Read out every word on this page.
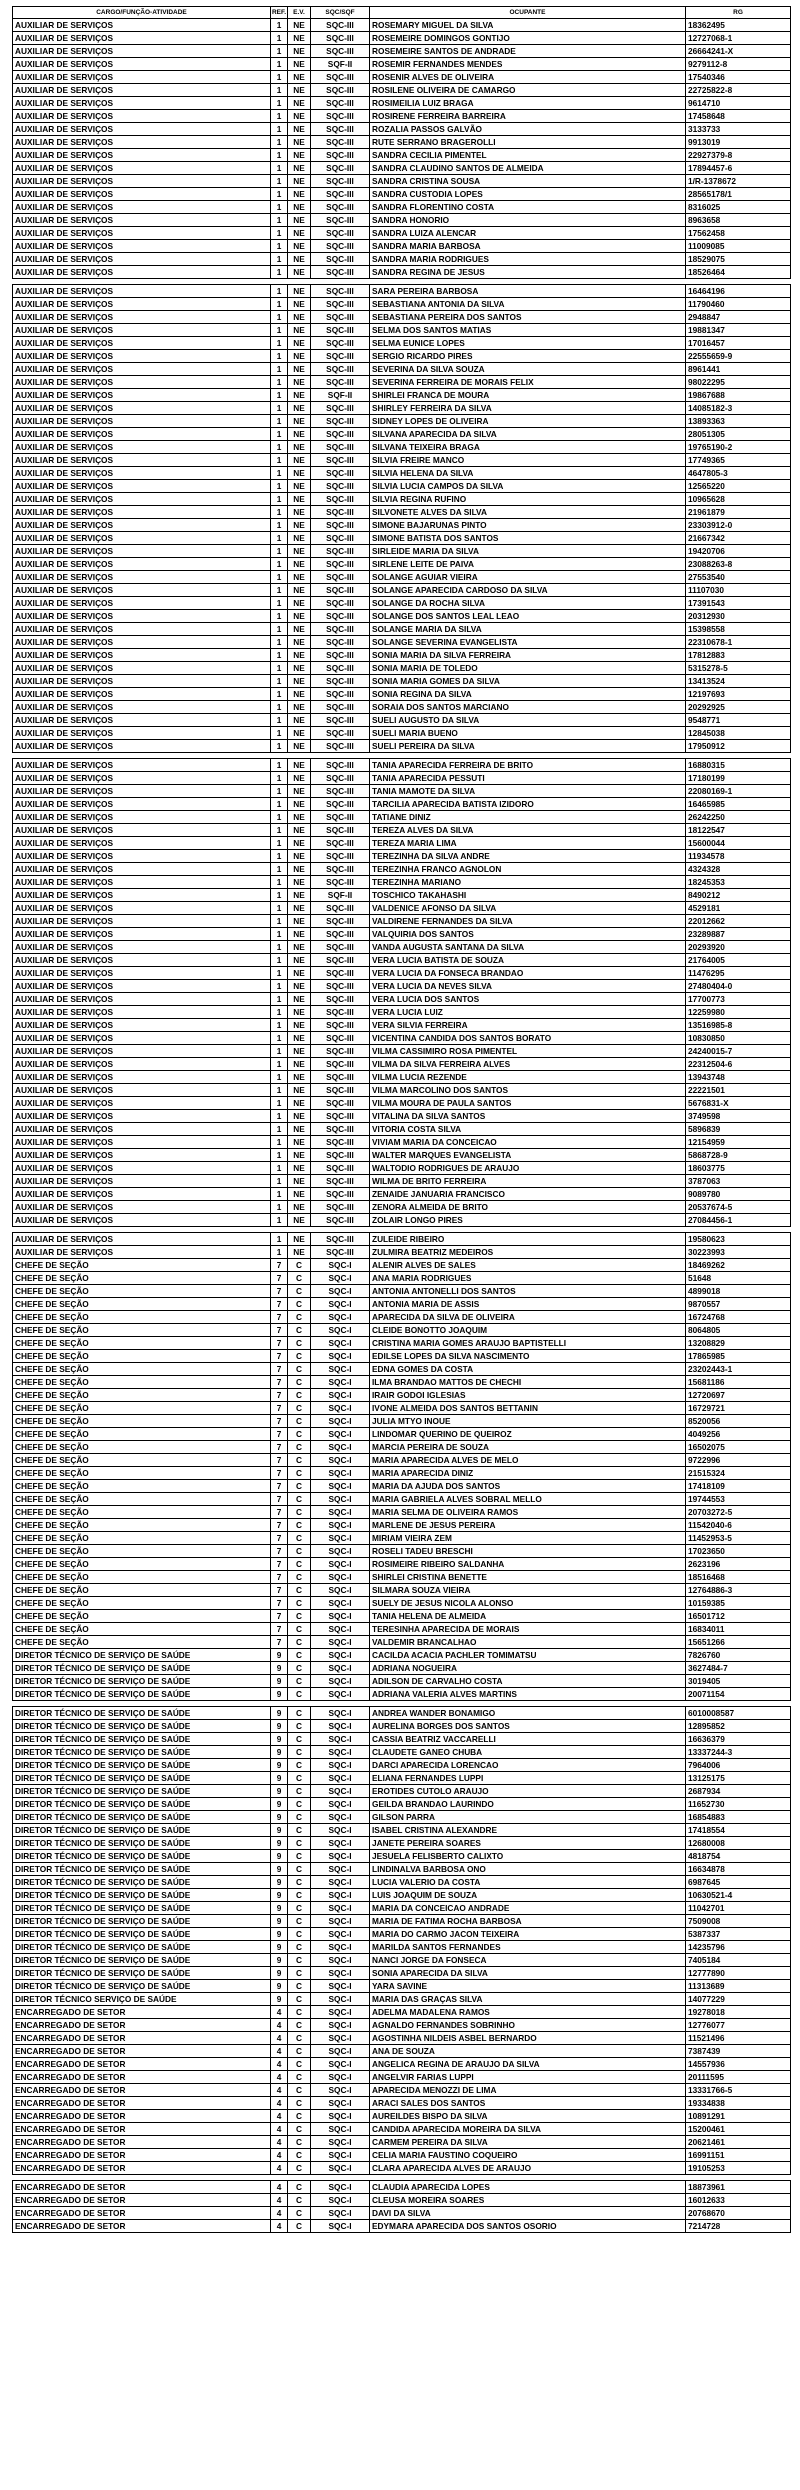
CARGO/FUNÇÃO-ATIVIDADE	REF.	E.V.	SQC/SQF	OCUPANTE	RG
AUXILIAR DE SERVIÇOS	1	NE	SQC-III	ROSEMARY MIGUEL DA SILVA	18362495
AUXILIAR DE SERVIÇOS	1	NE	SQC-III	ROSEMEIRE DOMINGOS GONTIJO	12727068-1
AUXILIAR DE SERVIÇOS	1	NE	SQC-III	ROSEMEIRE SANTOS DE ANDRADE	26664241-X
AUXILIAR DE SERVIÇOS	1	NE	SQF-II	ROSEMIR FERNANDES MENDES	9279112-8
AUXILIAR DE SERVIÇOS	1	NE	SQC-III	ROSENIR ALVES DE OLIVEIRA	17540346
AUXILIAR DE SERVIÇOS	1	NE	SQC-III	ROSILENE OLIVEIRA DE CAMARGO	22725822-8
AUXILIAR DE SERVIÇOS	1	NE	SQC-III	ROSIMEILIA LUIZ BRAGA	9614710
AUXILIAR DE SERVIÇOS	1	NE	SQC-III	ROSIRENE FERREIRA BARREIRA	17458648
AUXILIAR DE SERVIÇOS	1	NE	SQC-III	ROZALIA PASSOS GALVÃO	3133733
AUXILIAR DE SERVIÇOS	1	NE	SQC-III	RUTE SERRANO BRAGEROLLI	9913019
AUXILIAR DE SERVIÇOS	1	NE	SQC-III	SANDRA CECILIA PIMENTEL	22927379-8
AUXILIAR DE SERVIÇOS	1	NE	SQC-III	SANDRA CLAUDINO SANTOS DE ALMEIDA	17894457-6
AUXILIAR DE SERVIÇOS	1	NE	SQC-III	SANDRA CRISTINA SOUSA	1/R-1378672
AUXILIAR DE SERVIÇOS	1	NE	SQC-III	SANDRA CUSTODIA LOPES	28565178/1
AUXILIAR DE SERVIÇOS	1	NE	SQC-III	SANDRA FLORENTINO COSTA	8316025
AUXILIAR DE SERVIÇOS	1	NE	SQC-III	SANDRA HONORIO	8963658
AUXILIAR DE SERVIÇOS	1	NE	SQC-III	SANDRA LUIZA ALENCAR	17562458
AUXILIAR DE SERVIÇOS	1	NE	SQC-III	SANDRA MARIA BARBOSA	11009085
AUXILIAR DE SERVIÇOS	1	NE	SQC-III	SANDRA MARIA RODRIGUES	18529075
AUXILIAR DE SERVIÇOS	1	NE	SQC-III	SANDRA REGINA DE JESUS	18526464

AUXILIAR DE SERVIÇOS	1	NE	SQC-III	SARA PEREIRA BARBOSA	16464196
AUXILIAR DE SERVIÇOS	1	NE	SQC-III	SEBASTIANA ANTONIA DA SILVA	11790460
AUXILIAR DE SERVIÇOS	1	NE	SQC-III	SEBASTIANA PEREIRA DOS SANTOS	2948847
AUXILIAR DE SERVIÇOS	1	NE	SQC-III	SELMA DOS SANTOS MATIAS	19881347
AUXILIAR DE SERVIÇOS	1	NE	SQC-III	SELMA EUNICE LOPES	17016457
AUXILIAR DE SERVIÇOS	1	NE	SQC-III	SERGIO RICARDO PIRES	22555659-9
AUXILIAR DE SERVIÇOS	1	NE	SQC-III	SEVERINA DA SILVA SOUZA	8961441
AUXILIAR DE SERVIÇOS	1	NE	SQC-III	SEVERINA FERREIRA DE MORAIS FELIX	98022295
AUXILIAR DE SERVIÇOS	1	NE	SQF-II	SHIRLEI FRANCA DE MOURA	19867688
AUXILIAR DE SERVIÇOS	1	NE	SQC-III	SHIRLEY FERREIRA DA SILVA	14085182-3
AUXILIAR DE SERVIÇOS	1	NE	SQC-III	SIDNEY LOPES DE OLIVEIRA	13893363
AUXILIAR DE SERVIÇOS	1	NE	SQC-III	SILVANA APARECIDA DA SILVA	28051305
AUXILIAR DE SERVIÇOS	1	NE	SQC-III	SILVANA TEIXEIRA BRAGA	19765190-2
AUXILIAR DE SERVIÇOS	1	NE	SQC-III	SILVIA FREIRE MANCO	17749365
AUXILIAR DE SERVIÇOS	1	NE	SQC-III	SILVIA HELENA DA SILVA	4647805-3
AUXILIAR DE SERVIÇOS	1	NE	SQC-III	SILVIA LUCIA CAMPOS DA SILVA	12565220
AUXILIAR DE SERVIÇOS	1	NE	SQC-III	SILVIA REGINA RUFINO	10965628
AUXILIAR DE SERVIÇOS	1	NE	SQC-III	SILVONETE ALVES DA SILVA	21961879
AUXILIAR DE SERVIÇOS	1	NE	SQC-III	SIMONE BAJARUNAS PINTO	23303912-0
AUXILIAR DE SERVIÇOS	1	NE	SQC-III	SIMONE BATISTA DOS SANTOS	21667342
AUXILIAR DE SERVIÇOS	1	NE	SQC-III	SIRLEIDE MARIA DA SILVA	19420706
AUXILIAR DE SERVIÇOS	1	NE	SQC-III	SIRLENE LEITE DE PAIVA	23088263-8
AUXILIAR DE SERVIÇOS	1	NE	SQC-III	SOLANGE AGUIAR VIEIRA	27553540
AUXILIAR DE SERVIÇOS	1	NE	SQC-III	SOLANGE APARECIDA CARDOSO DA SILVA	11107030
AUXILIAR DE SERVIÇOS	1	NE	SQC-III	SOLANGE DA ROCHA SILVA	17391543
AUXILIAR DE SERVIÇOS	1	NE	SQC-III	SOLANGE DOS SANTOS LEAL LEAO	20312930
AUXILIAR DE SERVIÇOS	1	NE	SQC-III	SOLANGE MARIA DA SILVA	15398558
AUXILIAR DE SERVIÇOS	1	NE	SQC-III	SOLANGE SEVERINA EVANGELISTA	22310678-1
AUXILIAR DE SERVIÇOS	1	NE	SQC-III	SONIA MARIA DA SILVA FERREIRA	17812883
AUXILIAR DE SERVIÇOS	1	NE	SQC-III	SONIA MARIA DE TOLEDO	5315278-5
AUXILIAR DE SERVIÇOS	1	NE	SQC-III	SONIA MARIA GOMES DA SILVA	13413524
AUXILIAR DE SERVIÇOS	1	NE	SQC-III	SONIA REGINA DA SILVA	12197693
AUXILIAR DE SERVIÇOS	1	NE	SQC-III	SORAIA DOS SANTOS MARCIANO	20292925
AUXILIAR DE SERVIÇOS	1	NE	SQC-III	SUELI AUGUSTO DA SILVA	9548771
AUXILIAR DE SERVIÇOS	1	NE	SQC-III	SUELI MARIA BUENO	12845038
AUXILIAR DE SERVIÇOS	1	NE	SQC-III	SUELI PEREIRA DA SILVA	17950912

AUXILIAR DE SERVIÇOS	1	NE	SQC-III	TANIA APARECIDA FERREIRA DE BRITO	16880315
AUXILIAR DE SERVIÇOS	1	NE	SQC-III	TANIA APARECIDA PESSUTI	17180199
AUXILIAR DE SERVIÇOS	1	NE	SQC-III	TANIA MAMOTE DA SILVA	22080169-1
AUXILIAR DE SERVIÇOS	1	NE	SQC-III	TARCILIA APARECIDA BATISTA IZIDORO	16465985
AUXILIAR DE SERVIÇOS	1	NE	SQC-III	TATIANE DINIZ	26242250
AUXILIAR DE SERVIÇOS	1	NE	SQC-III	TEREZA ALVES DA SILVA	18122547
AUXILIAR DE SERVIÇOS	1	NE	SQC-III	TEREZA MARIA LIMA	15600044
AUXILIAR DE SERVIÇOS	1	NE	SQC-III	TEREZINHA DA SILVA ANDRE	11934578
AUXILIAR DE SERVIÇOS	1	NE	SQC-III	TEREZINHA FRANCO AGNOLON	4324328
AUXILIAR DE SERVIÇOS	1	NE	SQC-III	TEREZINHA MARIANO	18245353
AUXILIAR DE SERVIÇOS	1	NE	SQF-II	TOSCHICO TAKAHASHI	8490212
AUXILIAR DE SERVIÇOS	1	NE	SQC-III	VALDENICE AFONSO DA SILVA	4529181
AUXILIAR DE SERVIÇOS	1	NE	SQC-III	VALDIRENE FERNANDES DA SILVA	22012662
AUXILIAR DE SERVIÇOS	1	NE	SQC-III	VALQUIRIA DOS SANTOS	23289887
AUXILIAR DE SERVIÇOS	1	NE	SQC-III	VANDA AUGUSTA SANTANA DA SILVA	20293920
AUXILIAR DE SERVIÇOS	1	NE	SQC-III	VERA LUCIA BATISTA DE SOUZA	21764005
AUXILIAR DE SERVIÇOS	1	NE	SQC-III	VERA LUCIA DA FONSECA BRANDAO	11476295
AUXILIAR DE SERVIÇOS	1	NE	SQC-III	VERA LUCIA DA NEVES SILVA	27480404-0
AUXILIAR DE SERVIÇOS	1	NE	SQC-III	VERA LUCIA DOS SANTOS	17700773
AUXILIAR DE SERVIÇOS	1	NE	SQC-III	VERA LUCIA LUIZ	12259980
AUXILIAR DE SERVIÇOS	1	NE	SQC-III	VERA SILVIA FERREIRA	13516985-8
AUXILIAR DE SERVIÇOS	1	NE	SQC-III	VICENTINA CANDIDA DOS SANTOS BORATO	10830850
AUXILIAR DE SERVIÇOS	1	NE	SQC-III	VILMA CASSIMIRO ROSA PIMENTEL	24240015-7
AUXILIAR DE SERVIÇOS	1	NE	SQC-III	VILMA DA SILVA FERREIRA ALVES	22312504-6
AUXILIAR DE SERVIÇOS	1	NE	SQC-III	VILMA LUCIA REZENDE	13943748
AUXILIAR DE SERVIÇOS	1	NE	SQC-III	VILMA MARCOLINO DOS SANTOS	22221501
AUXILIAR DE SERVIÇOS	1	NE	SQC-III	VILMA MOURA DE PAULA SANTOS	5676831-X
AUXILIAR DE SERVIÇOS	1	NE	SQC-III	VITALINA DA SILVA SANTOS	3749598
AUXILIAR DE SERVIÇOS	1	NE	SQC-III	VITORIA COSTA SILVA	5896839
AUXILIAR DE SERVIÇOS	1	NE	SQC-III	VIVIAM MARIA DA CONCEICAO	12154959
AUXILIAR DE SERVIÇOS	1	NE	SQC-III	WALTER MARQUES EVANGELISTA	5868728-9
AUXILIAR DE SERVIÇOS	1	NE	SQC-III	WALTODIO RODRIGUES DE ARAUJO	18603775
AUXILIAR DE SERVIÇOS	1	NE	SQC-III	WILMA DE BRITO FERREIRA	3787063
AUXILIAR DE SERVIÇOS	1	NE	SQC-III	ZENAIDE JANUARIA FRANCISCO	9089780
AUXILIAR DE SERVIÇOS	1	NE	SQC-III	ZENORA ALMEIDA DE BRITO	20537674-5
AUXILIAR DE SERVIÇOS	1	NE	SQC-III	ZOLAIR LONGO PIRES	27084456-1

AUXILIAR DE SERVIÇOS	1	NE	SQC-III	ZULEIDE RIBEIRO	19580623
AUXILIAR DE SERVIÇOS	1	NE	SQC-III	ZULMIRA BEATRIZ MEDEIROS	30223993
CHEFE DE SEÇÃO	7	C	SQC-I	ALENIR ALVES DE SALES	18469262
CHEFE DE SEÇÃO	7	C	SQC-I	ANA MARIA RODRIGUES	51648
CHEFE DE SEÇÃO	7	C	SQC-I	ANTONIA ANTONELLI DOS SANTOS	4899018
CHEFE DE SEÇÃO	7	C	SQC-I	ANTONIA MARIA DE ASSIS	9870557
CHEFE DE SEÇÃO	7	C	SQC-I	APARECIDA DA SILVA DE OLIVEIRA	16724768
CHEFE DE SEÇÃO	7	C	SQC-I	CLEIDE BONOTTO JOAQUIM	8064805
CHEFE DE SEÇÃO	7	C	SQC-I	CRISTINA MARIA GOMES ARAUJO BAPTISTELLI	13208829
CHEFE DE SEÇÃO	7	C	SQC-I	EDILSE LOPES DA SILVA NASCIMENTO	17865985
CHEFE DE SEÇÃO	7	C	SQC-I	EDNA GOMES DA COSTA	23202443-1
CHEFE DE SEÇÃO	7	C	SQC-I	ILMA BRANDAO MATTOS DE CHECHI	15681186
CHEFE DE SEÇÃO	7	C	SQC-I	IRAIR GODOI IGLESIAS	12720697
CHEFE DE SEÇÃO	7	C	SQC-I	IVONE ALMEIDA DOS SANTOS BETTANIN	16729721
CHEFE DE SEÇÃO	7	C	SQC-I	JULIA MTYO INOUE	8520056
CHEFE DE SEÇÃO	7	C	SQC-I	LINDOMAR QUERINO DE QUEIROZ	4049256
CHEFE DE SEÇÃO	7	C	SQC-I	MARCIA PEREIRA DE SOUZA	16502075
CHEFE DE SEÇÃO	7	C	SQC-I	MARIA APARECIDA ALVES DE MELO	9722996
CHEFE DE SEÇÃO	7	C	SQC-I	MARIA APARECIDA DINIZ	21515324
CHEFE DE SEÇÃO	7	C	SQC-I	MARIA DA AJUDA DOS SANTOS	17418109
CHEFE DE SEÇÃO	7	C	SQC-I	MARIA GABRIELA ALVES SOBRAL MELLO	19744553
CHEFE DE SEÇÃO	7	C	SQC-I	MARIA SELMA DE OLIVEIRA RAMOS	20703272-5
CHEFE DE SEÇÃO	7	C	SQC-I	MARLENE DE JESUS PEREIRA	11542040-6
CHEFE DE SEÇÃO	7	C	SQC-I	MIRIAM VIEIRA ZEM	11452953-5
CHEFE DE SEÇÃO	7	C	SQC-I	ROSELI TADEU BRESCHI	17023650
CHEFE DE SEÇÃO	7	C	SQC-I	ROSIMEIRE RIBEIRO SALDANHA	2623196
CHEFE DE SEÇÃO	7	C	SQC-I	SHIRLEI CRISTINA BENETTE	18516468
CHEFE DE SEÇÃO	7	C	SQC-I	SILMARA SOUZA VIEIRA	12764886-3
CHEFE DE SEÇÃO	7	C	SQC-I	SUELY DE JESUS NICOLA ALONSO	10159385
CHEFE DE SEÇÃO	7	C	SQC-I	TANIA HELENA DE ALMEIDA	16501712
CHEFE DE SEÇÃO	7	C	SQC-I	TERESINHA APARECIDA DE MORAIS	16834011
CHEFE DE SEÇÃO	7	C	SQC-I	VALDEMIR BRANCALHAO	15651266
DIRETOR TÉCNICO DE SERVIÇO DE SAÚDE	9	C	SQC-I	CACILDA ACACIA PACHLER TOMIMATSU	7826760
DIRETOR TÉCNICO DE SERVIÇO DE SAÚDE	9	C	SQC-I	ADRIANA NOGUEIRA	3627484-7
DIRETOR TÉCNICO DE SERVIÇO DE SAÚDE	9	C	SQC-I	ADILSON DE CARVALHO COSTA	3019405
DIRETOR TÉCNICO DE SERVIÇO DE SAÚDE	9	C	SQC-I	ADRIANA VALERIA ALVES MARTINS	20071154

DIRETOR TÉCNICO DE SERVIÇO DE SAÚDE	9	C	SQC-I	ANDREA WANDER BONAMIGO	6010008587
DIRETOR TÉCNICO DE SERVIÇO DE SAÚDE	9	C	SQC-I	AURELINA BORGES DOS SANTOS	12895852
DIRETOR TÉCNICO DE SERVIÇO DE SAÚDE	9	C	SQC-I	CASSIA BEATRIZ VACCARELLI	16636379
DIRETOR TÉCNICO DE SERVIÇO DE SAÚDE	9	C	SQC-I	CLAUDETE GANEO CHUBA	13337244-3
DIRETOR TÉCNICO DE SERVIÇO DE SAÚDE	9	C	SQC-I	DARCI APARECIDA LORENCAO	7964006
DIRETOR TÉCNICO DE SERVIÇO DE SAÚDE	9	C	SQC-I	ELIANA FERNANDES LUPPI	13125175
DIRETOR TÉCNICO DE SERVIÇO DE SAÚDE	9	C	SQC-I	EROTIDES CUTOLO ARAUJO	2687934
DIRETOR TÉCNICO DE SERVIÇO DE SAÚDE	9	C	SQC-I	GEILDA BRANDAO LAURINDO	11652730
DIRETOR TÉCNICO DE SERVIÇO DE SAÚDE	9	C	SQC-I	GILSON PARRA	16854883
DIRETOR TÉCNICO DE SERVIÇO DE SAÚDE	9	C	SQC-I	ISABEL CRISTINA ALEXANDRE	17418554
DIRETOR TÉCNICO DE SERVIÇO DE SAÚDE	9	C	SQC-I	JANETE PEREIRA SOARES	12680008
DIRETOR TÉCNICO DE SERVIÇO DE SAÚDE	9	C	SQC-I	JESUELA FELISBERTO CALIXTO	4818754
DIRETOR TÉCNICO DE SERVIÇO DE SAÚDE	9	C	SQC-I	LINDINALVA BARBOSA ONO	16634878
DIRETOR TÉCNICO DE SERVIÇO DE SAÚDE	9	C	SQC-I	LUCIA VALERIO DA COSTA	6987645
DIRETOR TÉCNICO DE SERVIÇO DE SAÚDE	9	C	SQC-I	LUIS JOAQUIM DE SOUZA	10630521-4
DIRETOR TÉCNICO DE SERVIÇO DE SAÚDE	9	C	SQC-I	MARIA DA CONCEICAO ANDRADE	11042701
DIRETOR TÉCNICO DE SERVIÇO DE SAÚDE	9	C	SQC-I	MARIA DE FATIMA ROCHA BARBOSA	7509008
DIRETOR TÉCNICO DE SERVIÇO DE SAÚDE	9	C	SQC-I	MARIA DO CARMO JACON TEIXEIRA	5387337
DIRETOR TÉCNICO DE SERVIÇO DE SAÚDE	9	C	SQC-I	MARILDA SANTOS FERNANDES	14235796
DIRETOR TÉCNICO DE SERVIÇO DE SAÚDE	9	C	SQC-I	NANCI JORGE DA FONSECA	7405184
DIRETOR TÉCNICO DE SERVIÇO DE SAÚDE	9	C	SQC-I	SONIA APARECIDA DA SILVA	12777890
DIRETOR TÉCNICO DE SERVIÇO DE SAÚDE	9	C	SQC-I	YARA SAVINE	11313689
DIRETOR TÉCNICO SERVIÇO DE SAÚDE	9	C	SQC-I	MARIA DAS GRAÇAS SILVA	14077229
ENCARREGADO DE SETOR	4	C	SQC-I	ADELMA MADALENA RAMOS	19278018
ENCARREGADO DE SETOR	4	C	SQC-I	AGNALDO FERNANDES SOBRINHO	12776077
ENCARREGADO DE SETOR	4	C	SQC-I	AGOSTINHA NILDEIS ASBEL BERNARDO	11521496
ENCARREGADO DE SETOR	4	C	SQC-I	ANA DE SOUZA	7387439
ENCARREGADO DE SETOR	4	C	SQC-I	ANGELICA REGINA DE ARAUJO DA SILVA	14557936
ENCARREGADO DE SETOR	4	C	SQC-I	ANGELVIR FARIAS LUPPI	20111595
ENCARREGADO DE SETOR	4	C	SQC-I	APARECIDA MENOZZI DE LIMA	13331766-5
ENCARREGADO DE SETOR	4	C	SQC-I	ARACI SALES DOS SANTOS	19334838
ENCARREGADO DE SETOR	4	C	SQC-I	AUREILDES BISPO DA SILVA	10891291
ENCARREGADO DE SETOR	4	C	SQC-I	CANDIDA APARECIDA MOREIRA DA SILVA	15200461
ENCARREGADO DE SETOR	4	C	SQC-I	CARMEM PEREIRA DA SILVA	20621461
ENCARREGADO DE SETOR	4	C	SQC-I	CELIA MARIA FAUSTINO COQUEIRO	16991151
ENCARREGADO DE SETOR	4	C	SQC-I	CLARA APARECIDA ALVES DE ARAUJO	19105253

ENCARREGADO DE SETOR	4	C	SQC-I	CLAUDIA APARECIDA LOPES	18873961
ENCARREGADO DE SETOR	4	C	SQC-I	CLEUSA MOREIRA SOARES	16012633
ENCARREGADO DE SETOR	4	C	SQC-I	DAVI DA SILVA	20768670
ENCARREGADO DE SETOR	4	C	SQC-I	EDYMARA APARECIDA DOS SANTOS OSORIO	7214728
